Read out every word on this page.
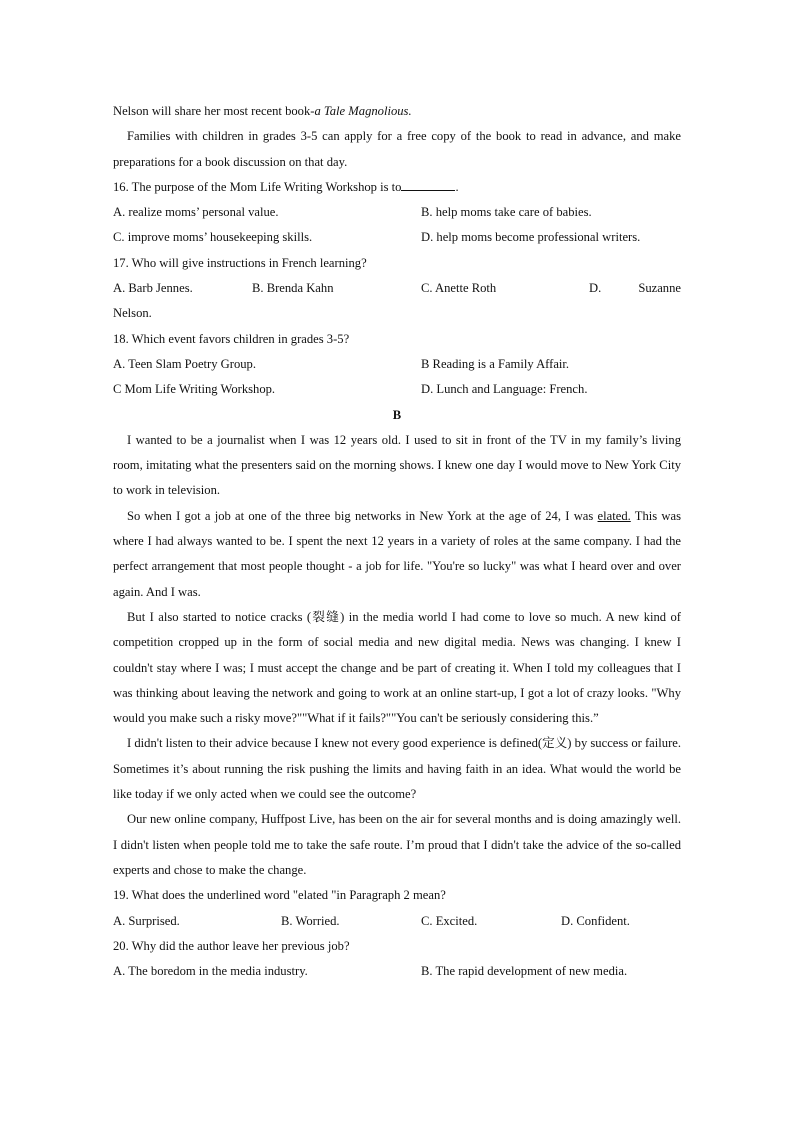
Nelson will share her most recent book-a Tale Magnolious.

Families with children in grades 3-5 can apply for a free copy of the book to read in advance, and make preparations for a book discussion on that day.

16. The purpose of the Mom Life Writing Workshop is to	.

A. realize moms’ personal value.	B. help moms take care of babies.
C. improve moms’ housekeeping skills.	D. help moms become professional writers.

17. Who will give instructions in French learning?

A. Barb Jennes.	B. Brenda Kahn	C. Anette Roth	D.	Suzanne

Nelson.

18. Which event favors children in grades 3-5?

A. Teen Slam Poetry Group.	B Reading is a Family Affair.
C Mom Life Writing Workshop.	D. Lunch and Language: French.

B

I wanted to be a journalist when I was 12 years old. I used to sit in front of the TV in my family’s living room, imitating what the presenters said on the morning shows. I knew one day I would move to New York City to work in television.

So when I got a job at one of the three big networks in New York at the age of 24, I was elated. This was where I had always wanted to be. I spent the next 12 years in a variety of roles at the same company. I had the perfect arrangement that most people thought - a job for life. "You're so lucky" was what I heard over and over again. And I was.

But I also started to notice cracks (裂缝) in the media world I had come to love so much. A new kind of competition cropped up in the form of social media and new digital media. News was changing. I knew I couldn't stay where I was; I must accept the change and be part of creating it. When I told my colleagues that I was thinking about leaving the network and going to work at an online start-up, I got a lot of crazy looks. "Why would you make such a risky move?""What if it fails?""You can't be seriously considering this.”

I didn't listen to their advice because I knew not every good experience is defined(定义) by success or failure. Sometimes it’s about running the risk pushing the limits and having faith in an idea. What would the world be like today if we only acted when we could see the outcome?

Our new online company, Huffpost Live, has been on the air for several months and is doing amazingly well. I didn't listen when people told me to take the safe route. I’m proud that I didn't take the advice of the so-called experts and chose to make the change.

19. What does the underlined word "elated "in Paragraph 2 mean?

A. Surprised.	B. Worried.	C. Excited.	D. Confident.

20. Why did the author leave her previous job?

A. The boredom in the media industry.	B. The rapid development of new media.
